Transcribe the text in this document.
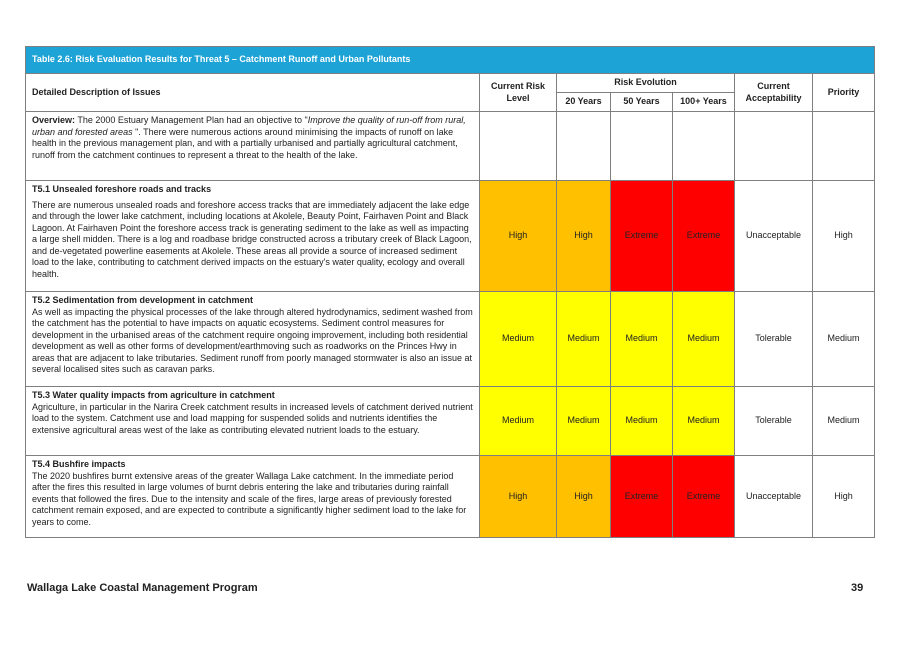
Table 2.6: Risk Evaluation Results for Threat 5 – Catchment Runoff and Urban Pollutants						
Detailed Description of Issues	Current Risk Level	Risk Evolution			Current Acceptability	Priority
		20 Years	50 Years	100+ Years		

Overview: The 2000 Estuary Management Plan had an objective to "Improve the quality of run-off from rural, urban and forested areas ". There were numerous actions around minimising the impacts of runoff on lake health in the previous management plan, and with a partially urbanised and partially agricultural catchment, runoff from the catchment continues to represent a threat to the health of the lake.						

T5.1 Unsealed foreshore roads and tracks

There are numerous unsealed roads and foreshore access tracks that are immediately adjacent the lake edge and through the lower lake catchment, including locations at Akolele, Beauty Point, Fairhaven Point and Black Lagoon. At Fairhaven Point the foreshore access track is generating sediment to the lake as well as impacting a large shell midden. There is a log and roadbase bridge constructed across a tributary creek of Black Lagoon, and de-vegetated powerline easements at Akolele. These areas all provide a source of increased sediment load to the lake, contributing to catchment derived impacts on the estuary's water quality, ecology and overall health.	High	High	Extreme	Extreme	Unacceptable	High

T5.2 Sedimentation from development in catchment

As well as impacting the physical processes of the lake through altered hydrodynamics, sediment washed from the catchment has the potential to have impacts on aquatic ecosystems. Sediment control measures for development in the urbanised areas of the catchment require ongoing improvement, including both residential development as well as other forms of development/earthmoving such as roadworks on the Princes Hwy in areas that are adjacent to lake tributaries. Sediment runoff from poorly managed stormwater is also an issue at several localised sites such as caravan parks.	Medium	Medium	Medium	Medium	Tolerable	Medium

T5.3 Water quality impacts from agriculture in catchment

Agriculture, in particular in the Narira Creek catchment results in increased levels of catchment derived nutrient load to the system. Catchment use and load mapping for suspended solids and nutrients identifies the extensive agricultural areas west of the lake as contributing elevated nutrient loads to the estuary.	Medium	Medium	Medium	Medium	Tolerable	Medium

T5.4 Bushfire impacts

The 2020 bushfires burnt extensive areas of the greater Wallaga Lake catchment. In the immediate period after the fires this resulted in large volumes of burnt debris entering the lake and tributaries during rainfall events that followed the fires. Due to the intensity and scale of the fires, large areas of previously forested catchment remain exposed, and are expected to contribute a significantly higher sediment load to the lake for years to come.	High	High	Extreme	Extreme	Unacceptable	High
Wallaga Lake Coastal Management Program	39
